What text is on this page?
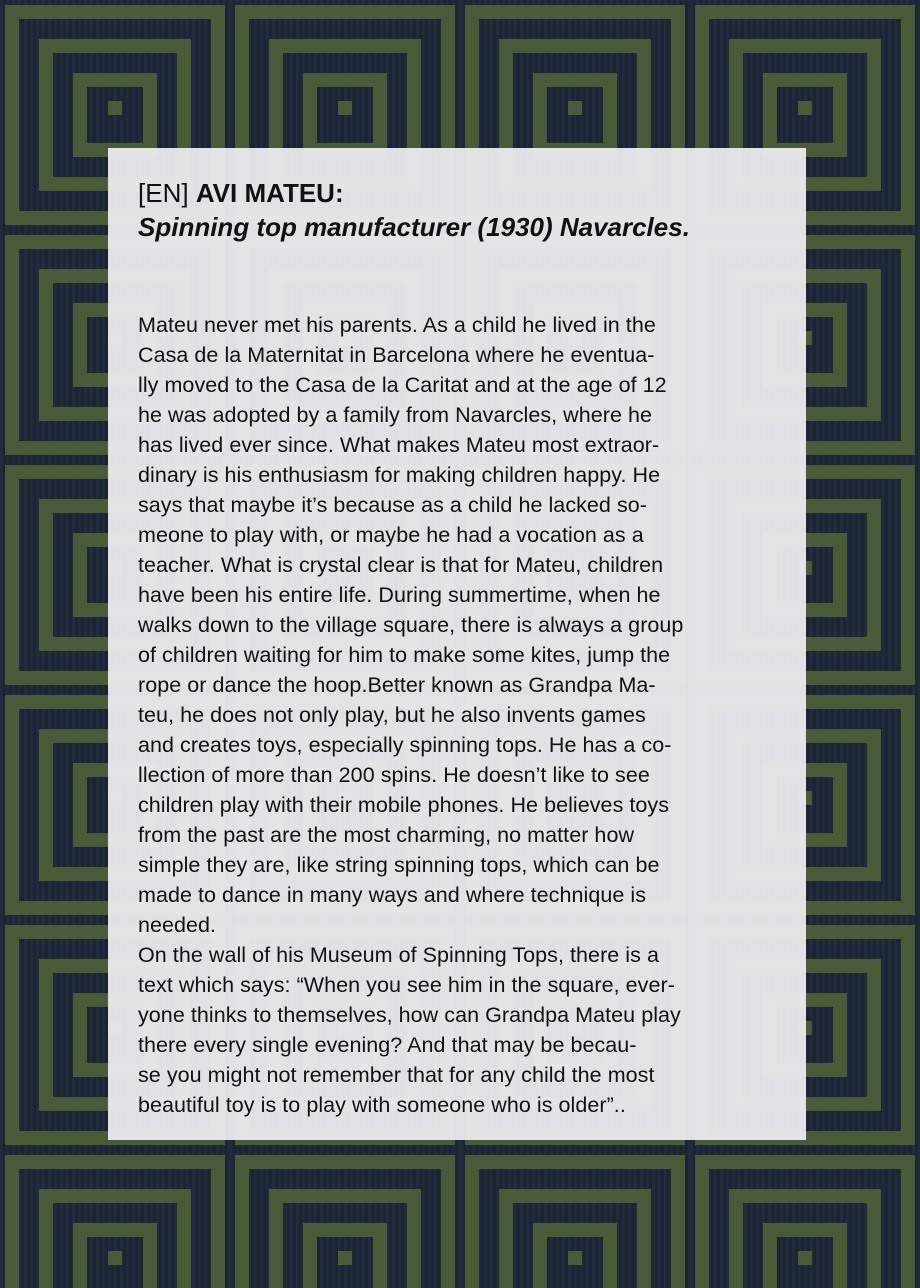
[EN] AVI MATEU:
Spinning top manufacturer (1930) Navarcles.

Mateu never met his parents. As a child he lived in the
Casa de la Maternitat in Barcelona where he eventua-
lly moved to the Casa de la Caritat and at the age of 12
he was adopted by a family from Navarcles, where he
has lived ever since. What makes Mateu most extraor-
dinary is his enthusiasm for making children happy. He
says that maybe it’s because as a child he lacked so-
meone to play with, or maybe he had a vocation as a
teacher. What is crystal clear is that for Mateu, children
have been his entire life. During summertime, when he
walks down to the village square, there is always a group
of children waiting for him to make some kites, jump the
rope or dance the hoop.Better known as Grandpa Ma-
teu, he does not only play, but he also invents games
and creates toys, especially spinning tops. He has a co-
llection of more than 200 spins. He doesn’t like to see
children play with their mobile phones. He believes toys
from the past are the most charming, no matter how
simple they are, like string spinning tops, which can be
made to dance in many ways and where technique is
needed.

On the wall of his Museum of Spinning Tops, there is a
text which says: “When you see him in the square, ever-
yone thinks to themselves, how can Grandpa Mateu play
there every single evening? And that may be becau-
se you might not remember that for any child the most
beautiful toy is to play with someone who is older”..
